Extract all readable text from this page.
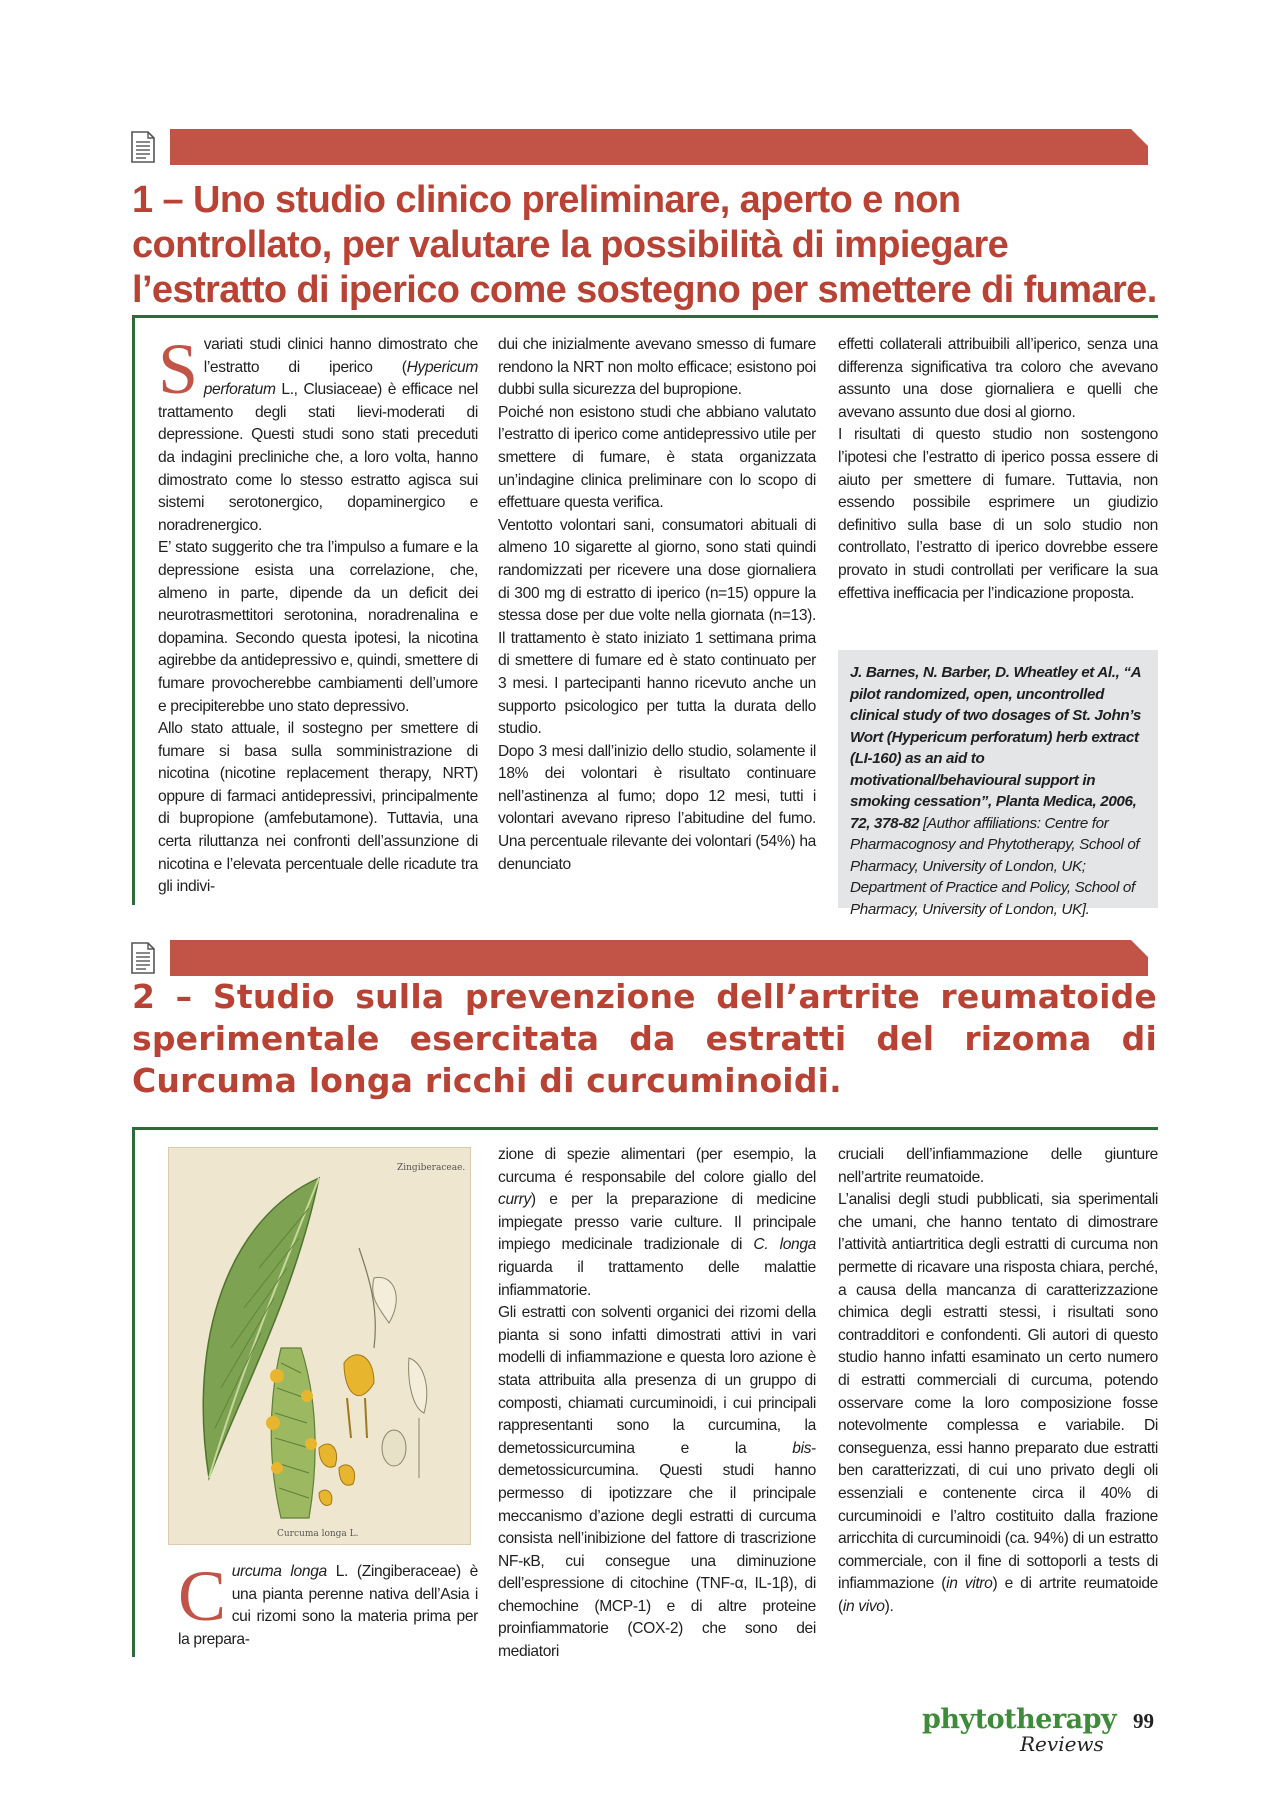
1 – Uno studio clinico preliminare, aperto e non controllato, per valutare la possibilità di impiegare l’estratto di iperico come sostegno per smettere di fumare.

Svariati studi clinici hanno dimostrato che l’estratto di iperico (Hypericum perforatum L., Clusiaceae) è efficace nel trattamento degli stati lievi-moderati di depressione. Questi studi sono stati preceduti da indagini precliniche che, a loro volta, hanno dimostrato come lo stesso estratto agisca sui sistemi serotonergico, dopaminergico e noradrenergico.

E’ stato suggerito che tra l’impulso a fumare e la depressione esista una correlazione, che, almeno in parte, dipende da un deficit dei neurotrasmettitori serotonina, noradrenalina e dopamina. Secondo questa ipotesi, la nicotina agirebbe da antidepressivo e, quindi, smettere di fumare provocherebbe cambiamenti dell’umore e precipiterebbe uno stato depressivo.

Allo stato attuale, il sostegno per smettere di fumare si basa sulla somministrazione di nicotina (nicotine replacement therapy, NRT) oppure di farmaci antidepressivi, principalmente di bupropione (amfebutamone). Tuttavia, una certa riluttanza nei confronti dell’assunzione di nicotina e l’elevata percentuale delle ricadute tra gli indivi-

dui che inizialmente avevano smesso di fumare rendono la NRT non molto efficace; esistono poi dubbi sulla sicurezza del bupropione.

Poiché non esistono studi che abbiano valutato l’estratto di iperico come antidepressivo utile per smettere di fumare, è stata organizzata un’indagine clinica preliminare con lo scopo di effettuare questa verifica.

Ventotto volontari sani, consumatori abituali di almeno 10 sigarette al giorno, sono stati quindi randomizzati per ricevere una dose giornaliera di 300 mg di estratto di iperico (n=15) oppure la stessa dose per due volte nella giornata (n=13). Il trattamento è stato iniziato 1 settimana prima di smettere di fumare ed è stato continuato per 3 mesi. I partecipanti hanno ricevuto anche un supporto psicologico per tutta la durata dello studio.

Dopo 3 mesi dall’inizio dello studio, solamente il 18% dei volontari è risultato continuare nell’astinenza al fumo; dopo 12 mesi, tutti i volontari avevano ripreso l’abitudine del fumo. Una percentuale rilevante dei volontari (54%) ha denunciato

effetti collaterali attribuibili all’iperico, senza una differenza significativa tra coloro che avevano assunto una dose giornaliera e quelli che avevano assunto due dosi al giorno.

I risultati di questo studio non sostengono l’ipotesi che l’estratto di iperico possa essere di aiuto per smettere di fumare. Tuttavia, non essendo possibile esprimere un giudizio definitivo sulla base di un solo studio non controllato, l’estratto di iperico dovrebbe essere provato in studi controllati per verificare la sua effettiva inefficacia per l’indicazione proposta.

J. Barnes, N. Barber, D. Wheatley et Al., “A pilot randomized, open, uncontrolled clinical study of two dosages of St. John’s Wort (Hypericum perforatum) herb extract (LI-160) as an aid to motivational/behavioural support in smoking cessation”, Planta Medica, 2006, 72, 378-82 [Author affiliations: Centre for Pharmacognosy and Phytotherapy, School of Pharmacy, University of London, UK; Department of Practice and Policy, School of Pharmacy, University of London, UK].
2 – Studio sulla prevenzione dell’artrite reumatoide sperimentale esercitata da estratti del rizoma di Curcuma longa ricchi di curcuminoidi.
Zingiberaceae.
Curcuma longa L.

Curcuma longa L. (Zingiberaceae) è una pianta perenne nativa dell’Asia i cui rizomi sono la materia prima per la prepara-

zione di spezie alimentari (per esempio, la curcuma é responsabile del colore giallo del curry) e per la preparazione di medicine impiegate presso varie culture. Il principale impiego medicinale tradizionale di C. longa riguarda il trattamento delle malattie infiammatorie.

Gli estratti con solventi organici dei rizomi della pianta si sono infatti dimostrati attivi in vari modelli di infiammazione e questa loro azione è stata attribuita alla presenza di un gruppo di composti, chiamati curcuminoidi, i cui principali rappresentanti sono la curcumina, la demetossicurcumina e la bis-demetossicurcumina. Questi studi hanno permesso di ipotizzare che il principale meccanismo d’azione degli estratti di curcuma consista nell’inibizione del fattore di trascrizione NF-κB, cui consegue una diminuzione dell’espressione di citochine (TNF-α, IL-1β), di chemochine (MCP-1) e di altre proteine proinfiammatorie (COX-2) che sono dei mediatori

cruciali dell’infiammazione delle giunture nell’artrite reumatoide.

L’analisi degli studi pubblicati, sia sperimentali che umani, che hanno tentato di dimostrare l’attività antiartritica degli estratti di curcuma non permette di ricavare una risposta chiara, perché, a causa della mancanza di caratterizzazione chimica degli estratti stessi, i risultati sono contradditori e confondenti. Gli autori di questo studio hanno infatti esaminato un certo numero di estratti commerciali di curcuma, potendo osservare come la loro composizione fosse notevolmente complessa e variabile. Di conseguenza, essi hanno preparato due estratti ben caratterizzati, di cui uno privato degli oli essenziali e contenente circa il 40% di curcuminoidi e l’altro costituito dalla frazione arricchita di curcuminoidi (ca. 94%) di un estratto commerciale, con il fine di sottoporli a tests di infiammazione (in vitro) e di artrite reumatoide (in vivo).

phytotherapy
Reviews
99
